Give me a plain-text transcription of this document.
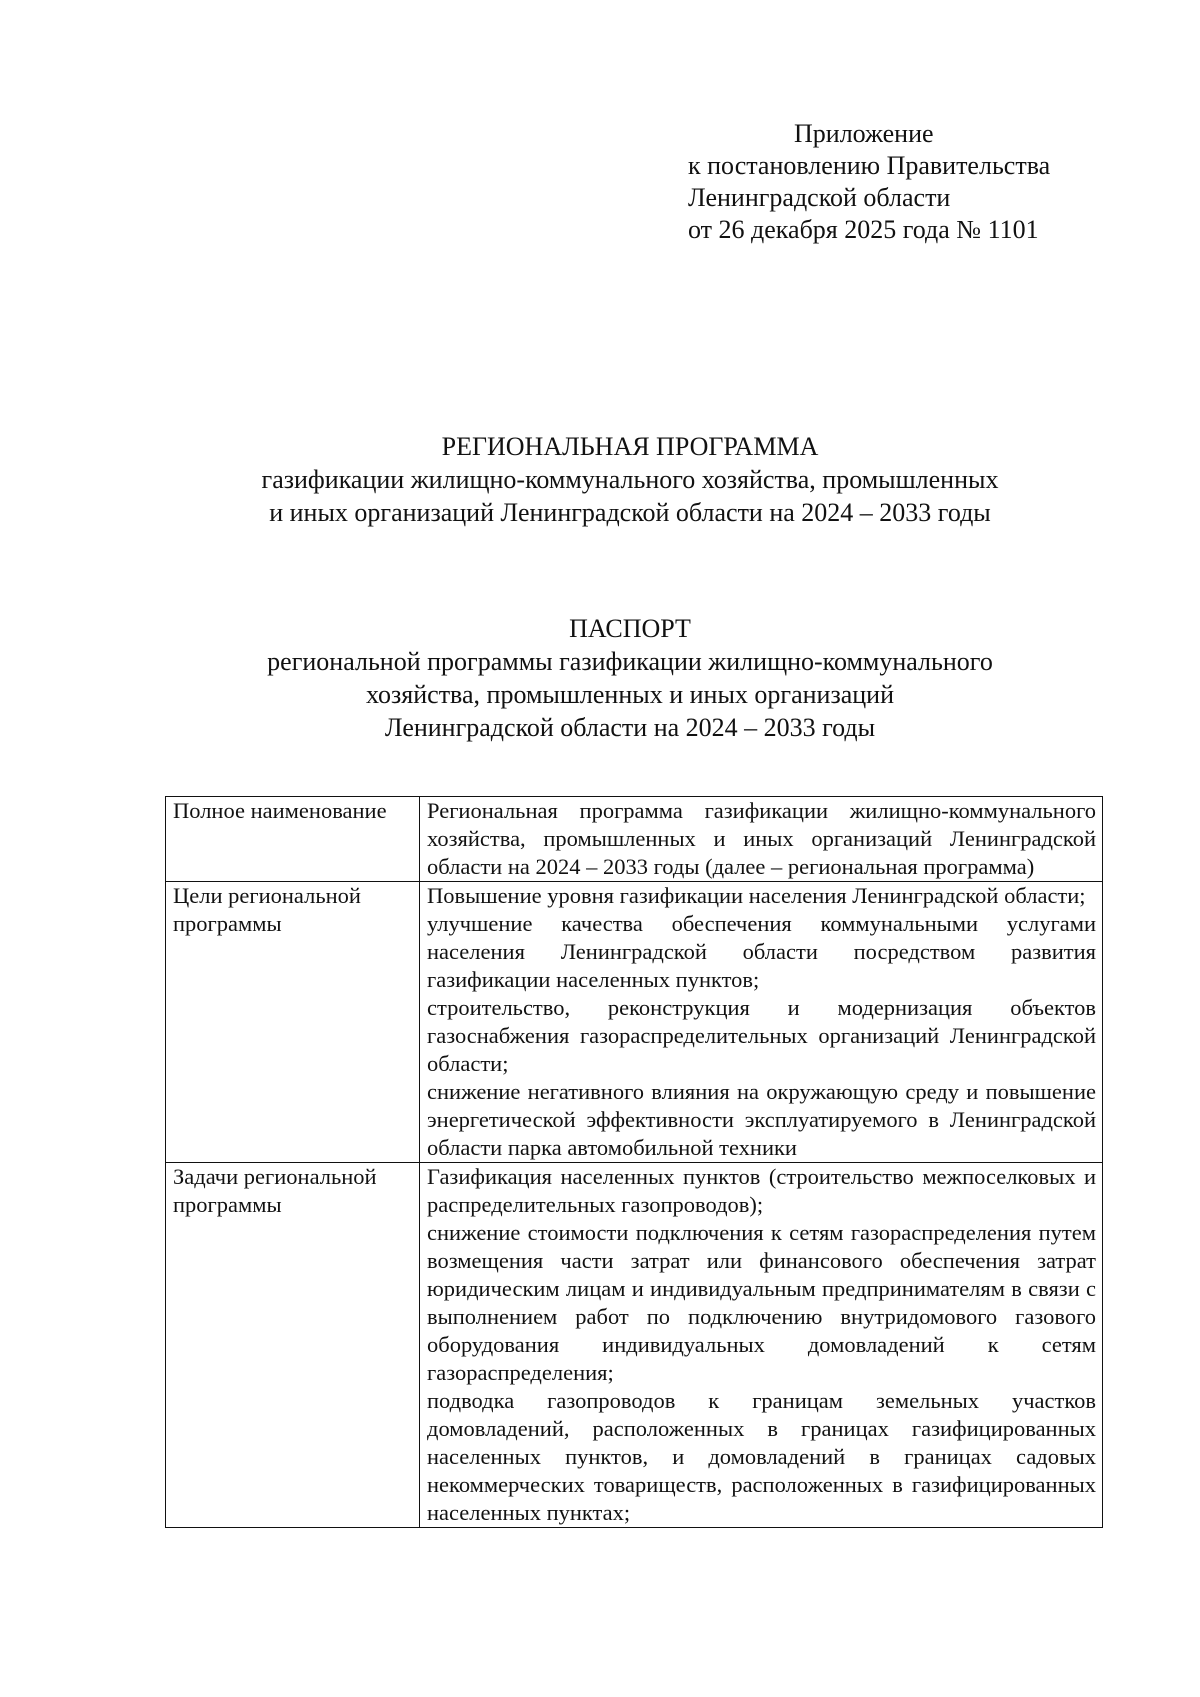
Приложение
к постановлению Правительства
Ленинградской области
от 26 декабря 2025 года № 1101
РЕГИОНАЛЬНАЯ ПРОГРАММА
газификации жилищно-коммунального хозяйства, промышленных
и иных организаций Ленинградской области на 2024 – 2033 годы
ПАСПОРТ
региональной программы газификации жилищно-коммунального
хозяйства, промышленных и иных организаций
Ленинградской области на 2024 – 2033 годы
Полное наименование	Региональная программа газификации жилищно-коммунального хозяйства, промышленных и иных организаций Ленинградской области на 2024 – 2033 годы (далее – региональная программа)

Цели региональной программы	Повышение уровня газификации населения Ленинградской области;
улучшение качества обеспечения коммунальными услугами населения Ленинградской области посредством развития газификации населенных пунктов;
строительство, реконструкция и модернизация объектов газоснабжения газораспределительных организаций Ленинградской области;
снижение негативного влияния на окружающую среду и повышение энергетической эффективности эксплуатируемого в Ленинградской области парка автомобильной техники

Задачи региональной программы	Газификация населенных пунктов (строительство межпоселковых и распределительных газопроводов);
снижение стоимости подключения к сетям газораспределения путем возмещения части затрат или финансового обеспечения затрат юридическим лицам и индивидуальным предпринимателям в связи с выполнением работ по подключению внутридомового газового оборудования индивидуальных домовладений к сетям газораспределения;
подводка газопроводов к границам земельных участков домовладений, расположенных в границах газифицированных населенных пунктов, и домовладений в границах садовых некоммерческих товариществ, расположенных в газифицированных населенных пунктах;
